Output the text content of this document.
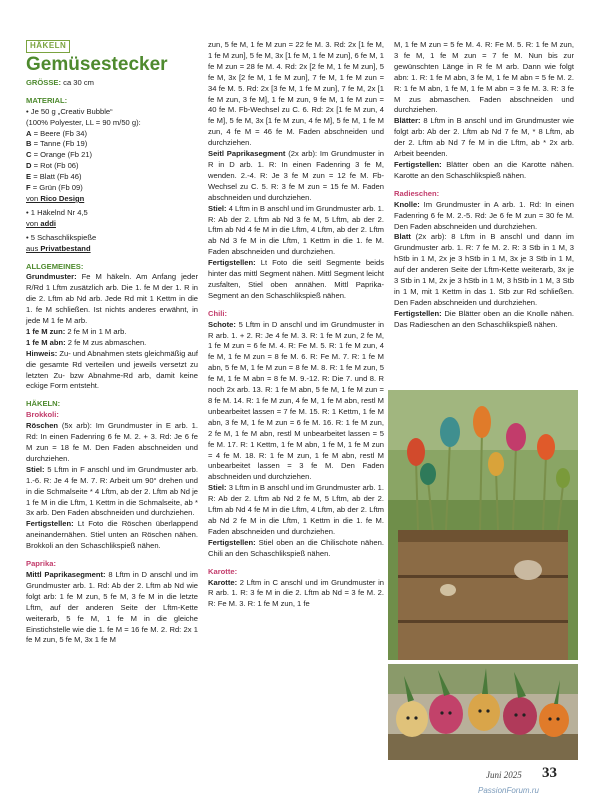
HÄKELN
Gemüsestecker

GRÖSSE: ca 30 cm

MATERIAL:

• Je 50 g „Creativ Bubble“

(100% Polyester, LL = 90 m/50 g):

A = Beere (Fb 34)

B = Tanne (Fb 19)

C = Orange (Fb 21)

D = Rot (Fb 06)

E = Blatt (Fb 46)

F = Grün (Fb 09)

von Rico Design

• 1 Häkelnd Nr 4,5

von addi

• 5 Schaschlikspieße

aus Privatbestand

ALLGEMEINES:

Grundmuster: Fe M häkeln. Am Anfang jeder R/Rd 1 Lftm zusätzlich arb. Die 1. fe M der 1. R in die 2. Lftm ab Nd arb. Jede Rd mit 1 Kettm in die 1. fe M schließen. Ist nichts anderes erwähnt, in jede M 1 fe M arb.

1 fe M zun: 2 fe M in 1 M arb.

1 fe M abn: 2 fe M zus abmaschen.

Hinweis: Zu- und Abnahmen stets gleichmäßig auf die gesamte Rd verteilen und jeweils versetzt zu letzten Zu- bzw Abnahme-Rd arb, damit keine eckige Form entsteht.

HÄKELN:

Brokkoli:

Röschen (5x arb): Im Grundmuster in E arb. 1. Rd: In einen Fadenring 6 fe M. 2. + 3. Rd: Je 6 fe M zun = 18 fe M. Den Faden abschneiden und durchziehen.

Stiel: 5 Lftm in F anschl und im Grundmuster arb. 1.-6. R: Je 4 fe M. 7. R: Arbeit um 90° drehen und in die Schmalseite * 4 Lftm, ab der 2. Lftm ab Nd je 1 fe M in die Lftm, 1 Kettm in die Schmalseite, ab * 3x arb. Den Faden abschneiden und durchziehen.

Fertigstellen: Lt Foto die Röschen überlappend aneinandernähen. Stiel unten an Röschen nähen. Brokkoli an den Schaschlikspieß nähen.

Paprika:

Mittl Paprikasegment: 8 Lftm in D anschl und im Grundmuster arb. 1. Rd: Ab der 2. Lftm ab Nd wie folgt arb: 1 fe M zun, 5 fe M, 3 fe M in die letzte Lftm, auf der anderen Seite der Lftm-Kette weiterarb, 5 fe M, 1 fe M in die gleiche Einstichstelle wie die 1. fe M = 16 fe M. 2. Rd: 2x 1 fe M zun, 5 fe M, 3x 1 fe M

zun, 5 fe M, 1 fe M zun = 22 fe M. 3. Rd: 2x [1 fe M, 1 fe M zun], 5 fe M, 3x [1 fe M, 1 fe M zun], 6 fe M, 1 fe M zun = 28 fe M. 4. Rd: 2x [2 fe M, 1 fe M zun], 5 fe M, 3x [2 fe M, 1 fe M zun], 7 fe M, 1 fe M zun = 34 fe M. 5. Rd: 2x [3 fe M, 1 fe M zun], 7 fe M, 2x [1 fe M zun, 3 fe M], 1 fe M zun, 9 fe M, 1 fe M zun = 40 fe M. Fb-Wechsel zu C. 6. Rd: 2x [1 fe M zun, 4 fe M], 5 fe M, 3x [1 fe M zun, 4 fe M], 5 fe M, 1 fe M zun, 4 fe M = 46 fe M. Faden abschneiden und durchziehen.

Seitl Paprikasegment (2x arb): Im Grundmuster in R in D arb. 1. R: In einen Fadenring 3 fe M, wenden. 2.-4. R: Je 3 fe M zun = 12 fe M. Fb-Wechsel zu C. 5. R: 3 fe M zun = 15 fe M. Faden abschneiden und durchziehen.

Stiel: 4 Lftm in B anschl und im Grundmuster arb. 1. R: Ab der 2. Lftm ab Nd 3 fe M, 5 Lftm, ab der 2. Lftm ab Nd 4 fe M in die Lftm, 4 Lftm, ab der 2. Lftm ab Nd 3 fe M in die Lftm, 1 Kettm in die 1. fe M. Faden abschneiden und durchziehen.

Fertigstellen: Lt Foto die seitl Segmente beids hinter das mittl Segment nähen. Mittl Segment leicht zusfalten, Stiel oben annähen. Mittl Paprika-Segment an den Schaschlikspieß nähen.

Chili:

Schote: 5 Lftm in D anschl und im Grundmuster in R arb. 1. + 2. R: Je 4 fe M. 3. R: 1 fe M zun, 2 fe M, 1 fe M zun = 6 fe M. 4. R: Fe M. 5. R: 1 fe M zun, 4 fe M, 1 fe M zun = 8 fe M. 6. R: Fe M. 7. R: 1 fe M abn, 5 fe M, 1 fe M zun = 8 fe M. 8. R: 1 fe M zun, 5 fe M, 1 fe M abn = 8 fe M. 9.-12. R: Die 7. und 8. R noch 2x arb. 13. R: 1 fe M abn, 5 fe M, 1 fe M zun = 8 fe M. 14. R: 1 fe M zun, 4 fe M, 1 fe M abn, restl M unbearbeitet lassen = 7 fe M. 15. R: 1 Kettm, 1 fe M abn, 3 fe M, 1 fe M zun = 6 fe M. 16. R: 1 fe M zun, 2 fe M, 1 fe M abn, restl M unbearbeitet lassen = 5 fe M. 17. R: 1 Kettm, 1 fe M abn, 1 fe M, 1 fe M zun = 4 fe M. 18. R: 1 fe M zun, 1 fe M abn, restl M unbearbeitet lassen = 3 fe M. Den Faden abschneiden und durchziehen.

Stiel: 3 Lftm in B anschl und im Grundmuster arb. 1. R: Ab der 2. Lftm ab Nd 2 fe M, 5 Lftm, ab der 2. Lftm ab Nd 4 fe M in die Lftm, 4 Lftm, ab der 2. Lftm ab Nd 2 fe M in die Lftm, 1 Kettm in die 1. fe M. Faden abschneiden und durchziehen.

Fertigstellen: Stiel oben an die Chilischote nähen. Chili an den Schaschlikspieß nähen.

Karotte:

Karotte: 2 Lftm in C anschl und im Grundmuster in R arb. 1. R: 3 fe M in die 2. Lftm ab Nd = 3 fe M. 2. R: Fe M. 3. R: 1 fe M zun, 1 fe

M, 1 fe M zun = 5 fe M. 4. R: Fe M. 5. R: 1 fe M zun, 3 fe M, 1 fe M zun = 7 fe M. Nun bis zur gewünschten Länge in R fe M arb. Dann wie folgt abn: 1. R: 1 fe M abn, 3 fe M, 1 fe M abn = 5 fe M. 2. R: 1 fe M abn, 1 fe M, 1 fe M abn = 3 fe M. 3. R: 3 fe M zus abmaschen. Faden abschneiden und durchziehen.

Blätter: 8 Lftm in B anschl und im Grundmuster wie folgt arb: Ab der 2. Lftm ab Nd 7 fe M, * 8 Lftm, ab der 2. Lftm ab Nd 7 fe M in die Lftm, ab * 2x arb. Arbeit beenden.

Fertigstellen: Blätter oben an die Karotte nähen. Karotte an den Schaschlikspieß nähen.

Radieschen:

Knolle: Im Grundmuster in A arb. 1. Rd: In einen Fadenring 6 fe M. 2.-5. Rd: Je 6 fe M zun = 30 fe M. Den Faden abschneiden und durchziehen.

Blatt (2x arb): 8 Lftm in B anschl und dann im Grundmuster arb. 1. R: 7 fe M. 2. R: 3 Stb in 1 M, 3 hStb in 1 M, 2x je 3 hStb in 1 M, 3x je 3 Stb in 1 M, auf der anderen Seite der Lftm-Kette weiterarb, 3x je 3 Stb in 1 M, 2x je 3 hStb in 1 M, 3 hStb in 1 M, 3 Stb in 1 M, mit 1 Kettm in das 1. Stb zur Rd schließen. Den Faden abschneiden und durchziehen.

Fertigstellen: Die Blätter oben an die Knolle nähen. Das Radieschen an den Schaschlikspieß nähen.

Juni 2025 33
PassionForum.ru
